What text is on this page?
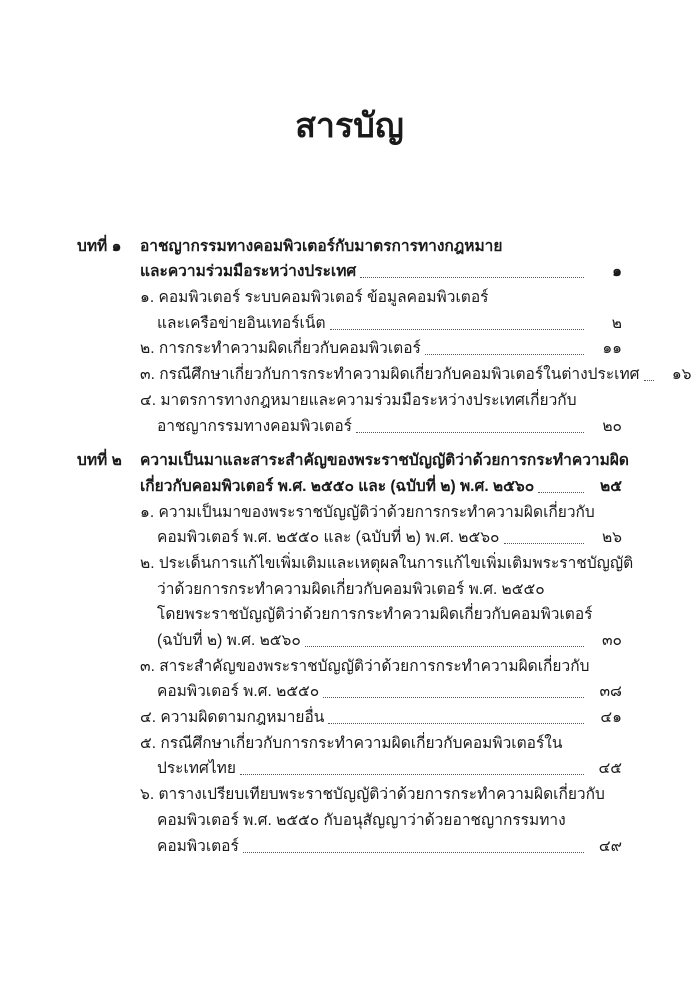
สารบัญ
บทที่ ๑	อาชญากรรมทางคอมพิวเตอร์กับมาตรการทางกฎหมาย
และความร่วมมือระหว่างประเทศ	๑
๑. คอมพิวเตอร์ ระบบคอมพิวเตอร์ ข้อมูลคอมพิวเตอร์
และเครือข่ายอินเทอร์เน็ต	๒
๒. การกระทำความผิดเกี่ยวกับคอมพิวเตอร์	๑๑
๓. กรณีศึกษาเกี่ยวกับการกระทำความผิดเกี่ยวกับคอมพิวเตอร์ในต่างประเทศ	๑๖
๔. มาตรการทางกฎหมายและความร่วมมือระหว่างประเทศเกี่ยวกับ
อาชญากรรมทางคอมพิวเตอร์	๒๐
บทที่ ๒	ความเป็นมาและสาระสำคัญของพระราชบัญญัติว่าด้วยการกระทำความผิด
เกี่ยวกับคอมพิวเตอร์ พ.ศ. ๒๕๕๐ และ (ฉบับที่ ๒) พ.ศ. ๒๕๖๐	๒๕
๑. ความเป็นมาของพระราชบัญญัติว่าด้วยการกระทำความผิดเกี่ยวกับ
คอมพิวเตอร์ พ.ศ. ๒๕๕๐ และ (ฉบับที่ ๒) พ.ศ. ๒๕๖๐	๒๖
๒. ประเด็นการแก้ไขเพิ่มเติมและเหตุผลในการแก้ไขเพิ่มเติมพระราชบัญญัติ
ว่าด้วยการกระทำความผิดเกี่ยวกับคอมพิวเตอร์ พ.ศ. ๒๕๕๐
โดยพระราชบัญญัติว่าด้วยการกระทำความผิดเกี่ยวกับคอมพิวเตอร์
(ฉบับที่ ๒) พ.ศ. ๒๕๖๐	๓๐
๓. สาระสำคัญของพระราชบัญญัติว่าด้วยการกระทำความผิดเกี่ยวกับ
คอมพิวเตอร์ พ.ศ. ๒๕๕๐	๓๘
๔. ความผิดตามกฎหมายอื่น	๔๑
๕. กรณีศึกษาเกี่ยวกับการกระทำความผิดเกี่ยวกับคอมพิวเตอร์ใน
ประเทศไทย	๔๕
๖. ตารางเปรียบเทียบพระราชบัญญัติว่าด้วยการกระทำความผิดเกี่ยวกับ
คอมพิวเตอร์ พ.ศ. ๒๕๕๐ กับอนุสัญญาว่าด้วยอาชญากรรมทาง
คอมพิวเตอร์	๔๙
